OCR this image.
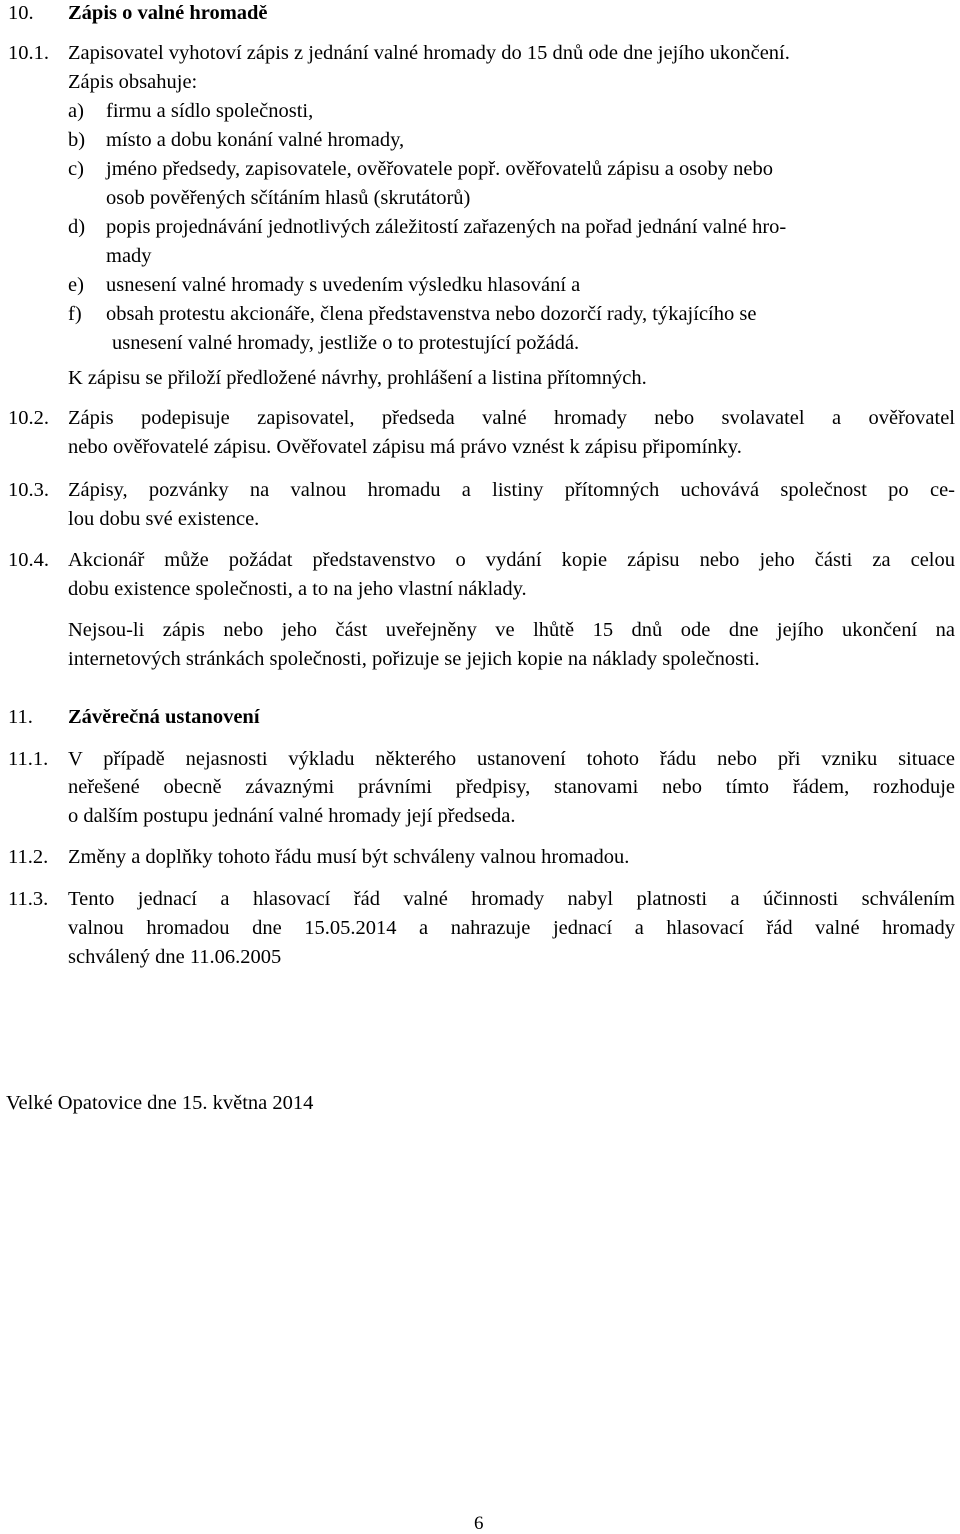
10. Zápis o valné hromadě
10.1. Zapisovatel vyhotoví zápis z jednání valné hromady do 15 dnů ode dne jejího ukončení.
Zápis obsahuje:
a) firmu a sídlo společnosti,
b) místo a dobu konání valné hromady,
c) jméno předsedy, zapisovatele, ověřovatele popř. ověřovatelů zápisu a osoby nebo
osob pověřených sčítáním hlasů (skrutátorů)
d) popis projednávání jednotlivých záležitostí zařazených na pořad jednání valné hro-
mady
e) usnesení valné hromady s uvedením výsledku hlasování a
f) obsah protestu akcionáře, člena představenstva nebo dozorčí rady, týkajícího se
usnesení valné hromady, jestliže o to protestující požádá.
K zápisu se přiloží předložené návrhy, prohlášení a listina přítomných.
10.2. Zápis podepisuje zapisovatel, předseda valné hromady nebo svolavatel a ověřovatel
nebo ověřovatelé zápisu. Ověřovatel zápisu má právo vznést k zápisu připomínky.
10.3. Zápisy, pozvánky na valnou hromadu a listiny přítomných uchovává společnost po ce-
lou dobu své existence.
10.4. Akcionář může požádat představenstvo o vydání kopie zápisu nebo jeho části za celou
dobu existence společnosti, a to na jeho vlastní náklady.
Nejsou-li zápis nebo jeho část uveřejněny ve lhůtě 15 dnů ode dne jejího ukončení na
internetových stránkách společnosti, pořizuje se jejich kopie na náklady společnosti.
11. Závěrečná ustanovení
11.1. V případě nejasnosti výkladu některého ustanovení tohoto řádu nebo při vzniku situace
neřešené obecně závaznými právními předpisy, stanovami nebo tímto řádem, rozhoduje
o dalším postupu jednání valné hromady její předseda.
11.2. Změny a doplňky tohoto řádu musí být schváleny valnou hromadou.
11.3. Tento jednací a hlasovací řád valné hromady nabyl platnosti a účinnosti schválením
valnou hromadou dne 15.05.2014 a nahrazuje jednací a hlasovací řád valné hromady
schválený dne 11.06.2005
Velké Opatovice dne 15. května 2014
6
